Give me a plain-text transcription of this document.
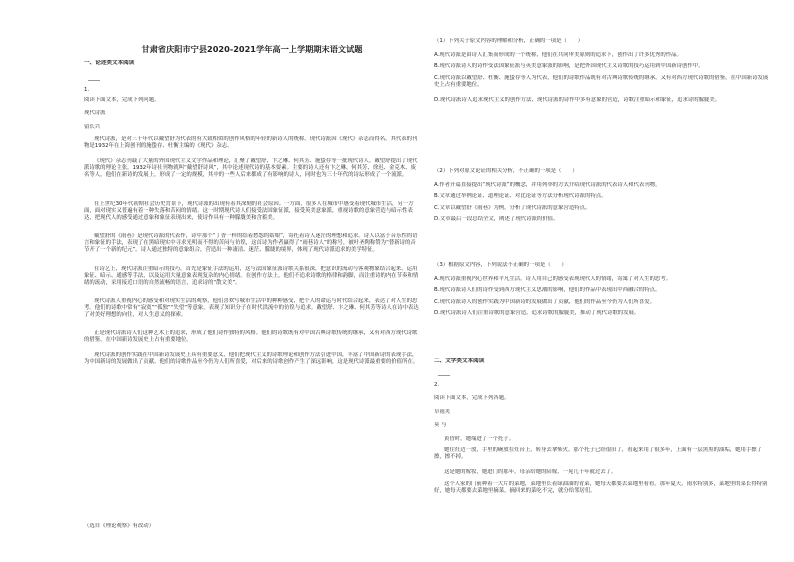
甘肃省庆阳市宁县2020-2021学年高一上学期期末语文试题
一、论述类文本阅读
1.
阅读下面文本，完成下列问题。
现代诗派
留长兴
（选自《理论观察》有改动）
现代诗派，是对三十年代以戴望舒为代表的有大致相似的创作风格的年轻的新诗人的统称。现代诗派因《现代》杂志而得名，其代表的刊物是1932年在上海创刊的施蛰存、杜衡主编的《现代》杂志。
《现代》杂志刊载了大量的外国现代主义文学作品和理论，汇聚了戴望舒、卞之琳、何其芳、施蛰存等一批现代诗人。戴望舒提出了现代派诗歌的理论主张，1932年诗社刊物就叫“戴望舒诗风”，其中论述现代诗的基本要素。主要的诗人还有卞之琳、何其芳、徐迟、金克木、废名等人，他们在新诗的发展上，形成了一定的规模，其中的一些人后来都成了有影响的诗人，同时也为三十年代的诗坛形成了一个流派。
在上世纪30年代初期社会历史背景下，现代诗派的出现有着其深刻的社会原因。一方面，很多人在城市中感受着现代城市生活，另一方面，面对现实又普遍有着一种失落和苦闷的情绪。这一时期现代诗人们接受法国象征派，接受英美意象派，重视诗歌的意象营造与暗示性表达，把现代人的感受通过意象和象征表现出来，使诗作具有一种朦胧美和含蓄美。
戴望舒的《雨巷》是现代诗派的代表作，诗中那个“丁香一样的结着愁怨的姑娘”，寄托着诗人迷茫的理想和追求。诗人以富于音乐性的语言和象征的手法，表现了在黑暗现实中寻求光明而不得的苦闷与彷徨，这首诗为作者赢得了“雨巷诗人”的称号，被叶圣陶称赞为“替新诗的音节开了一个新的纪元”。诗人通过独特的意象组合，营造出一种凄清、迷茫、朦胧的境界，体现了现代诗派追求的美学特征。
在诗艺上，现代诗派注重暗示的技巧。首先是象征手法的运用，这与法国象征派诗歌关系很深，把意识的流动与客观物象结合起来，运用象征、暗示、通感等手法，以及运用大量意象表现复杂的内心情绪。在创作方法上，他们不追求诗歌的格律和韵脚，而注重诗的内在节奏和情绪的流动，采用接近口语的自然流畅的语言，追求诗的“散文美”。
现代诗派人重视内心的感受和对现实生活的观察，他们喜欢写城市生活中的种种感受，把个人的命运与时代结合起来，表达了对人生的思考。他们的诗歌中常有“寂寞”“孤独”“失望”等意象，表现了知识分子在时代洪流中的彷徨与追求。戴望舒、卞之琳、何其芳等诗人在诗中表达了对美好理想的向往，对人生意义的探索。
正是现代诗派诗人们这种艺术上的追求，形成了他们诗作独特的风格。他们的诗歌既有对中国古典诗歌传统的继承，又有对西方现代诗歌的借鉴，在中国新诗发展史上占有重要地位。
现代诗派的创作实践在中国新诗发展史上具有重要意义，他们把现代主义的诗歌理论和创作方法引进中国，丰富了中国新诗的表现手法，为中国新诗的发展做出了贡献。他们的诗歌作品至今仍为人们所喜爱，对后来的诗歌创作产生了深远影响，这是现代诗派最重要的价值所在。
（1）下列关于原文内容的理解和分析，正确的一项是（　　）
（2）下列对原文论证的相关分析，不正确的一项是（　　）
（3）根据原文内容，下列说法不正确的一项是（　　）
二、文学类文本阅读
2.
阅读下面文本，完成下列各题。
草雨夹
莫 与
A.现代诗派是由诗人汇集而形成的一个统称，他们在共同审美原则的追求下，创作出了许多优秀的作品。
B.现代诗派诗人的诗作受法国象征派与英美意象派的影响，是把外国现代主义诗歌的技巧运用到中国新诗创作中。
C.现代诗派以戴望舒、杜衡、施蛰存等人为代表，他们的诗歌作品既有对古典诗歌传统的继承，又有对西方现代诗歌的借鉴，在中国新诗发展史上占有重要地位。
D.现代诗派诗人追求现代主义的创作方法，现代诗派的诗作中多有意象的营造，诗歌注重暗示和象征，追求诗的朦胧美。
A.作者开篇直接提出“现代诗派”的概念，并用列举的方式介绍现代诗派的代表诗人和代表刊物。
B.文章通过举例论证、道理论证、对比论证等方法分析现代诗派的特点。
C.文章以戴望舒《雨巷》为例，分析了现代诗派的意象营造特点。
D.文章最后一段总结全文，阐述了现代诗派的价值。
A.现代诗派重视内心世界和平凡生活，诗人用自己的感受表现现代人的情绪，寄寓了对人生的思考。
B.现代诗派诗人们的诗作受到西方现代主义思潮的影响，他们的作品中表现出中西融合的特点。
C.现代诗派诗人的创作实践为中国新诗的发展做出了贡献，他们的作品至今仍为人们所喜爱。
D.现代诗派诗人们注重诗歌的意象营造，追求诗歌的朦胧美，推动了现代诗歌的发展。
黄昏时，她端进了一个托子。
她往灶边一放，手里的碗放在灶台上，转身去拿柴火。那个托子已经很旧了，看起来用了很多年，上面有一层黑黑的油垢，她用手擦了擦，擦不掉。
这是她的嫁妆，她进门的那年，母亲给她的陪嫁，一晃几十年就过去了。
这个人家的门前种着一大片的菜地，菜地里长着绿油油的青菜，她每天都要去菜地里看看。那年夏天，雨水特别多，菜地里的菜长得特别好，她每天都要去菜地里摘菜，摘回来的菜吃不完，就分给邻居们。
